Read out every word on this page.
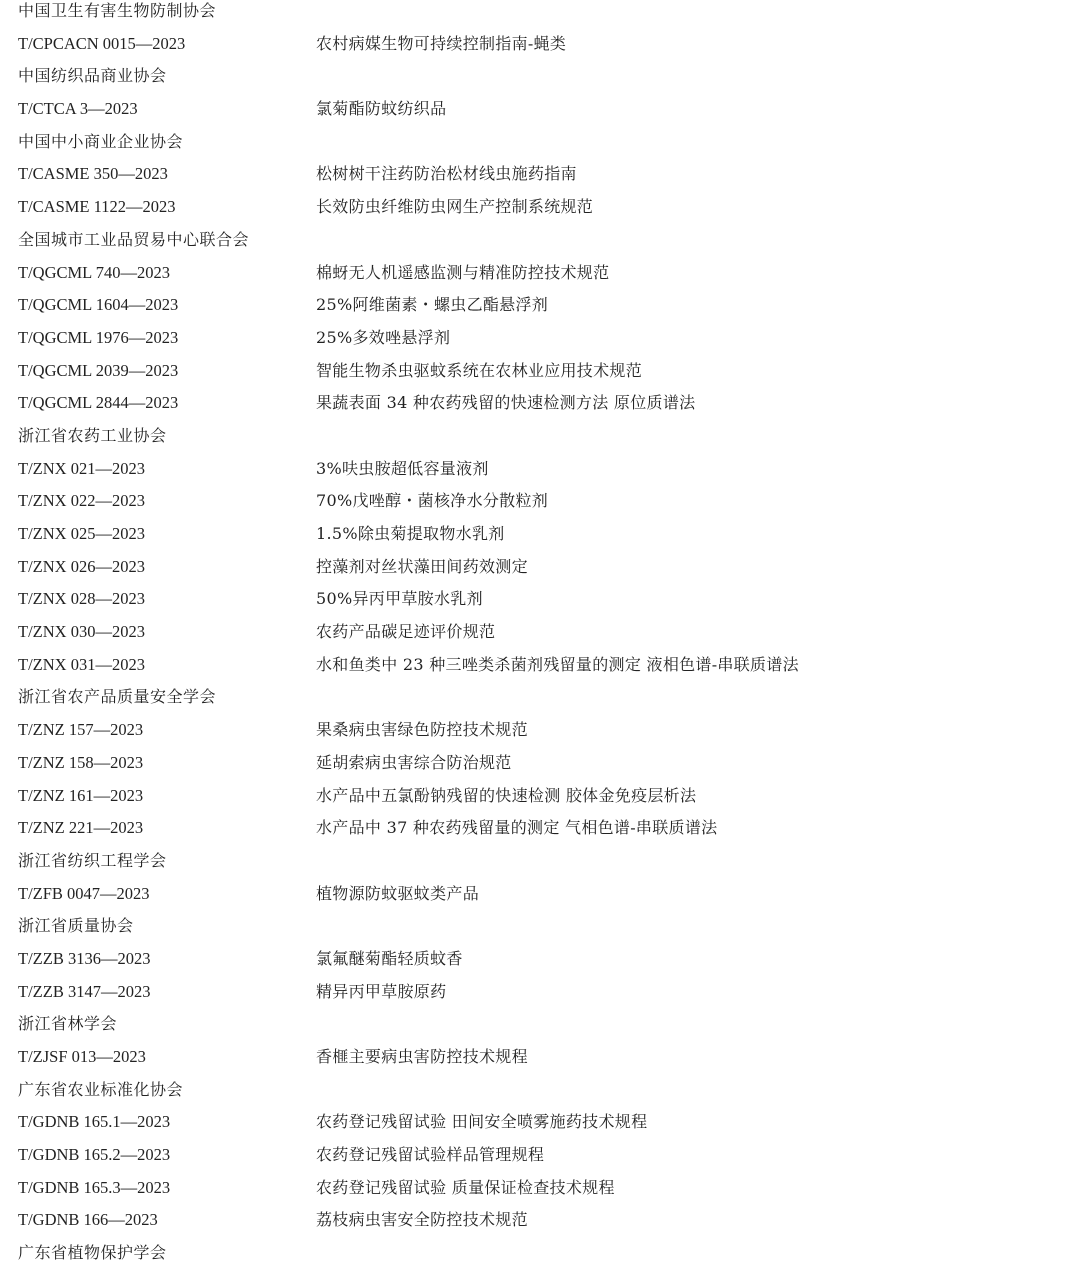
中国卫生有害生物防制协会
T/CPCACN 0015—2023	农村病媒生物可持续控制指南-蝇类
中国纺织品商业协会
T/CTCA 3—2023	氯菊酯防蚊纺织品
中国中小商业企业协会
T/CASME 350—2023	松树树干注药防治松材线虫施药指南
T/CASME 1122—2023	长效防虫纤维防虫网生产控制系统规范
全国城市工业品贸易中心联合会
T/QGCML 740—2023	棉蚜无人机遥感监测与精准防控技术规范
T/QGCML 1604—2023	25%阿维菌素・螺虫乙酯悬浮剂
T/QGCML 1976—2023	25%多效唑悬浮剂
T/QGCML 2039—2023	智能生物杀虫驱蚊系统在农林业应用技术规范
T/QGCML 2844—2023	果蔬表面 34 种农药残留的快速检测方法 原位质谱法
浙江省农药工业协会
T/ZNX 021—2023	3%呋虫胺超低容量液剂
T/ZNX 022—2023	70%戊唑醇・菌核净水分散粒剂
T/ZNX 025—2023	1.5%除虫菊提取物水乳剂
T/ZNX 026—2023	控藻剂对丝状藻田间药效测定
T/ZNX 028—2023	50%异丙甲草胺水乳剂
T/ZNX 030—2023	农药产品碳足迹评价规范
T/ZNX 031—2023	水和鱼类中 23 种三唑类杀菌剂残留量的测定 液相色谱-串联质谱法
浙江省农产品质量安全学会
T/ZNZ 157—2023	果桑病虫害绿色防控技术规范
T/ZNZ 158—2023	延胡索病虫害综合防治规范
T/ZNZ 161—2023	水产品中五氯酚钠残留的快速检测 胶体金免疫层析法
T/ZNZ 221—2023	水产品中 37 种农药残留量的测定 气相色谱-串联质谱法
浙江省纺织工程学会
T/ZFB 0047—2023	植物源防蚊驱蚊类产品
浙江省质量协会
T/ZZB 3136—2023	氯氟醚菊酯轻质蚊香
T/ZZB 3147—2023	精异丙甲草胺原药
浙江省林学会
T/ZJSF 013—2023	香榧主要病虫害防控技术规程
广东省农业标准化协会
T/GDNB 165.1—2023	农药登记残留试验 田间安全喷雾施药技术规程
T/GDNB 165.2—2023	农药登记残留试验样品管理规程
T/GDNB 165.3—2023	农药登记残留试验 质量保证检查技术规程
T/GDNB 166—2023	荔枝病虫害安全防控技术规范
广东省植物保护学会
